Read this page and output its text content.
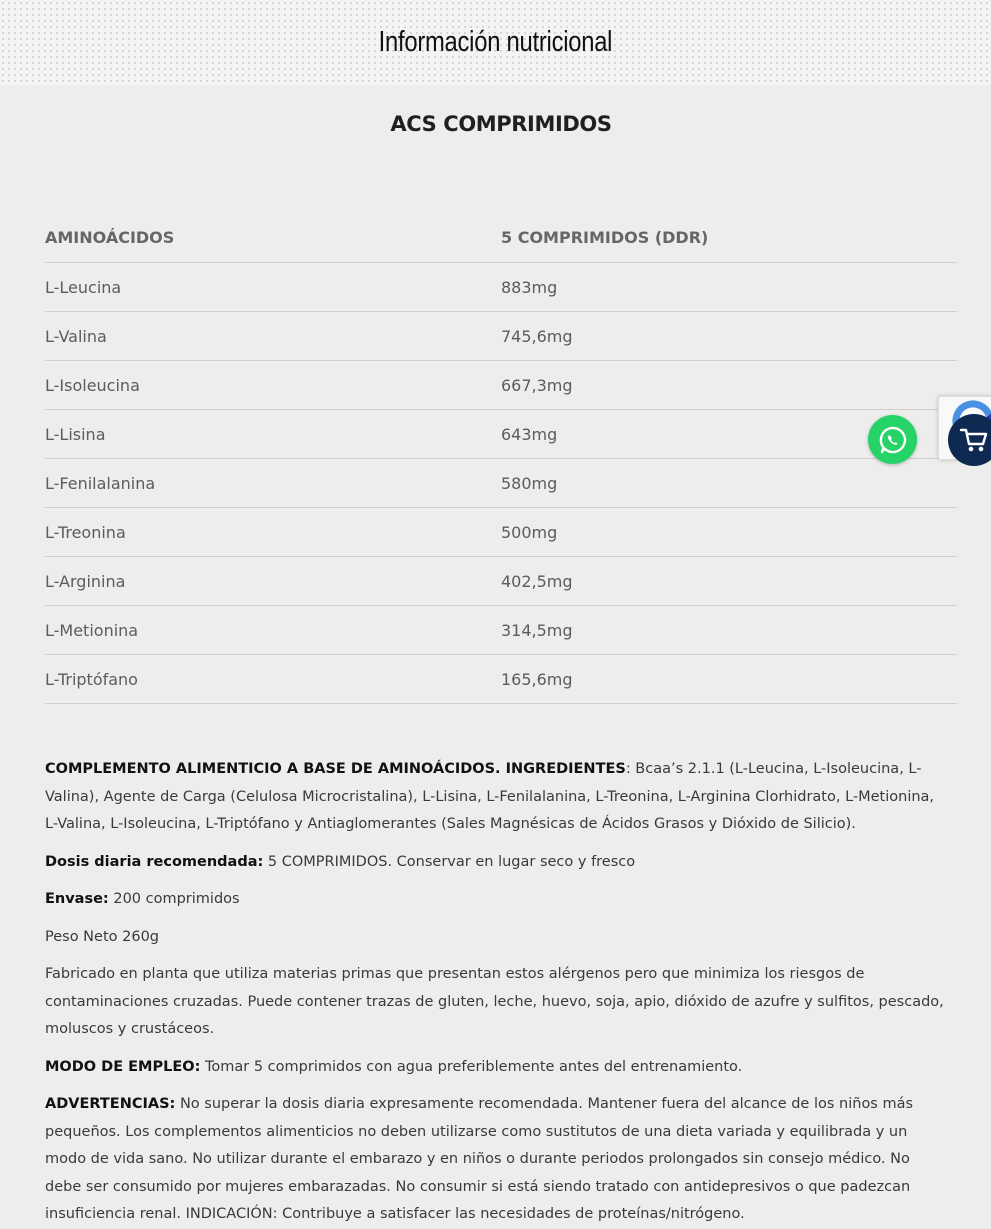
Información nutricional
ACS COMPRIMIDOS
AMINOÁCIDOS	5 COMPRIMIDOS (DDR)
L-Leucina	883mg
L-Valina	745,6mg
L-Isoleucina	667,3mg
L-Lisina	643mg
L-Fenilalanina	580mg
L-Treonina	500mg
L-Arginina	402,5mg
L-Metionina	314,5mg
L-Triptófano	165,6mg

COMPLEMENTO ALIMENTICIO A BASE DE AMINOÁCIDOS. INGREDIENTES: Bcaa’s 2.1.1 (L-Leucina, L-Isoleucina, L-Valina), Agente de Carga (Celulosa Microcristalina), L-Lisina, L-Fenilalanina, L-Treonina, L-Arginina Clorhidrato, L-Metionina, L-Valina, L-Isoleucina, L-Triptófano y Antiaglomerantes (Sales Magnésicas de Ácidos Grasos y Dióxido de Silicio).

Dosis diaria recomendada: 5 COMPRIMIDOS. Conservar en lugar seco y fresco

Envase: 200 comprimidos

Peso Neto 260g

Fabricado en planta que utiliza materias primas que presentan estos alérgenos pero que minimiza los riesgos de contaminaciones cruzadas. Puede contener trazas de gluten, leche, huevo, soja, apio, dióxido de azufre y sulfitos, pescado, moluscos y crustáceos.

MODO DE EMPLEO: Tomar 5 comprimidos con agua preferiblemente antes del entrenamiento.

ADVERTENCIAS: No superar la dosis diaria expresamente recomendada. Mantener fuera del alcance de los niños más pequeños. Los complementos alimenticios no deben utilizarse como sustitutos de una dieta variada y equilibrada y un modo de vida sano. No utilizar durante el embarazo y en niños o durante periodos prolongados sin consejo médico. No debe ser consumido por mujeres embarazadas. No consumir si está siendo tratado con antidepresivos o que padezcan insuficiencia renal. INDICACIÓN: Contribuye a satisfacer las necesidades de proteínas/nitrógeno.
